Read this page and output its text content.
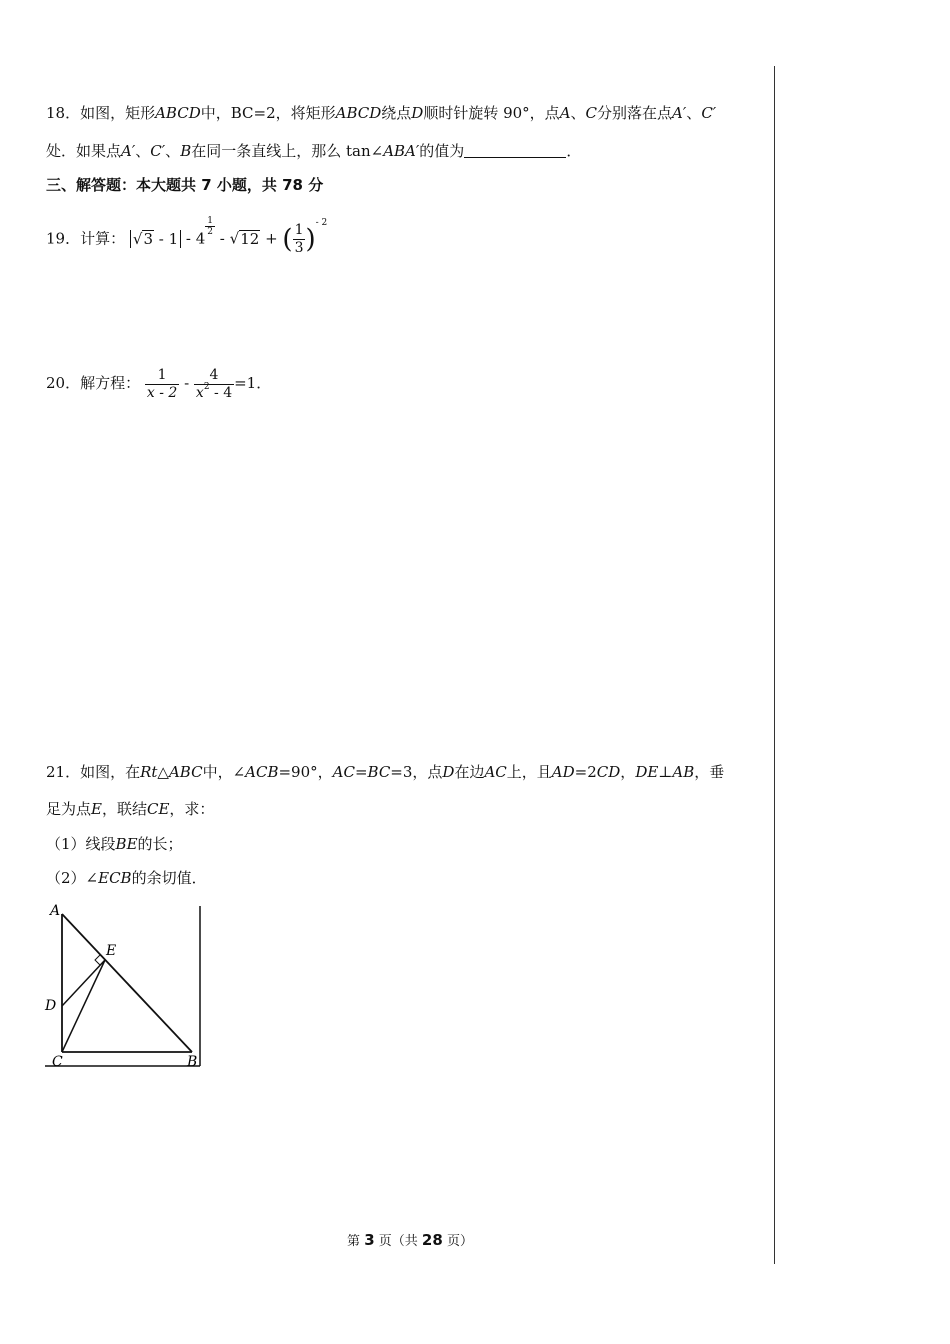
18．如图，矩形ABCD中，BC=2，将矩形ABCD绕点D顺时针旋转 90°，点A、C分别落在点A′、C′
处．如果点A′、C′、B在同一条直线上，那么 tan∠ABA′的值为	．
三、解答题：本大题共 7 小题，共 78 分
19．计算： √3 - 1 - 4
$\frac{1}{2}$
- √12 + ( $\frac{1}{3} )^{- 2}$
20．解方程： $\frac{1}{x - 2} - \frac{4}{x^2 - 4} =1$．
21．如图，在Rt△ABC中，∠ACB=90°，AC=BC=3，点D在边AC上，且AD=2CD，DE⊥AB，垂
足为点E，联结CE，求：
（1）线段BE的长；
（2）∠ECB的余切值．
A
E
D
C	B
第 3 页（共 28 页）
